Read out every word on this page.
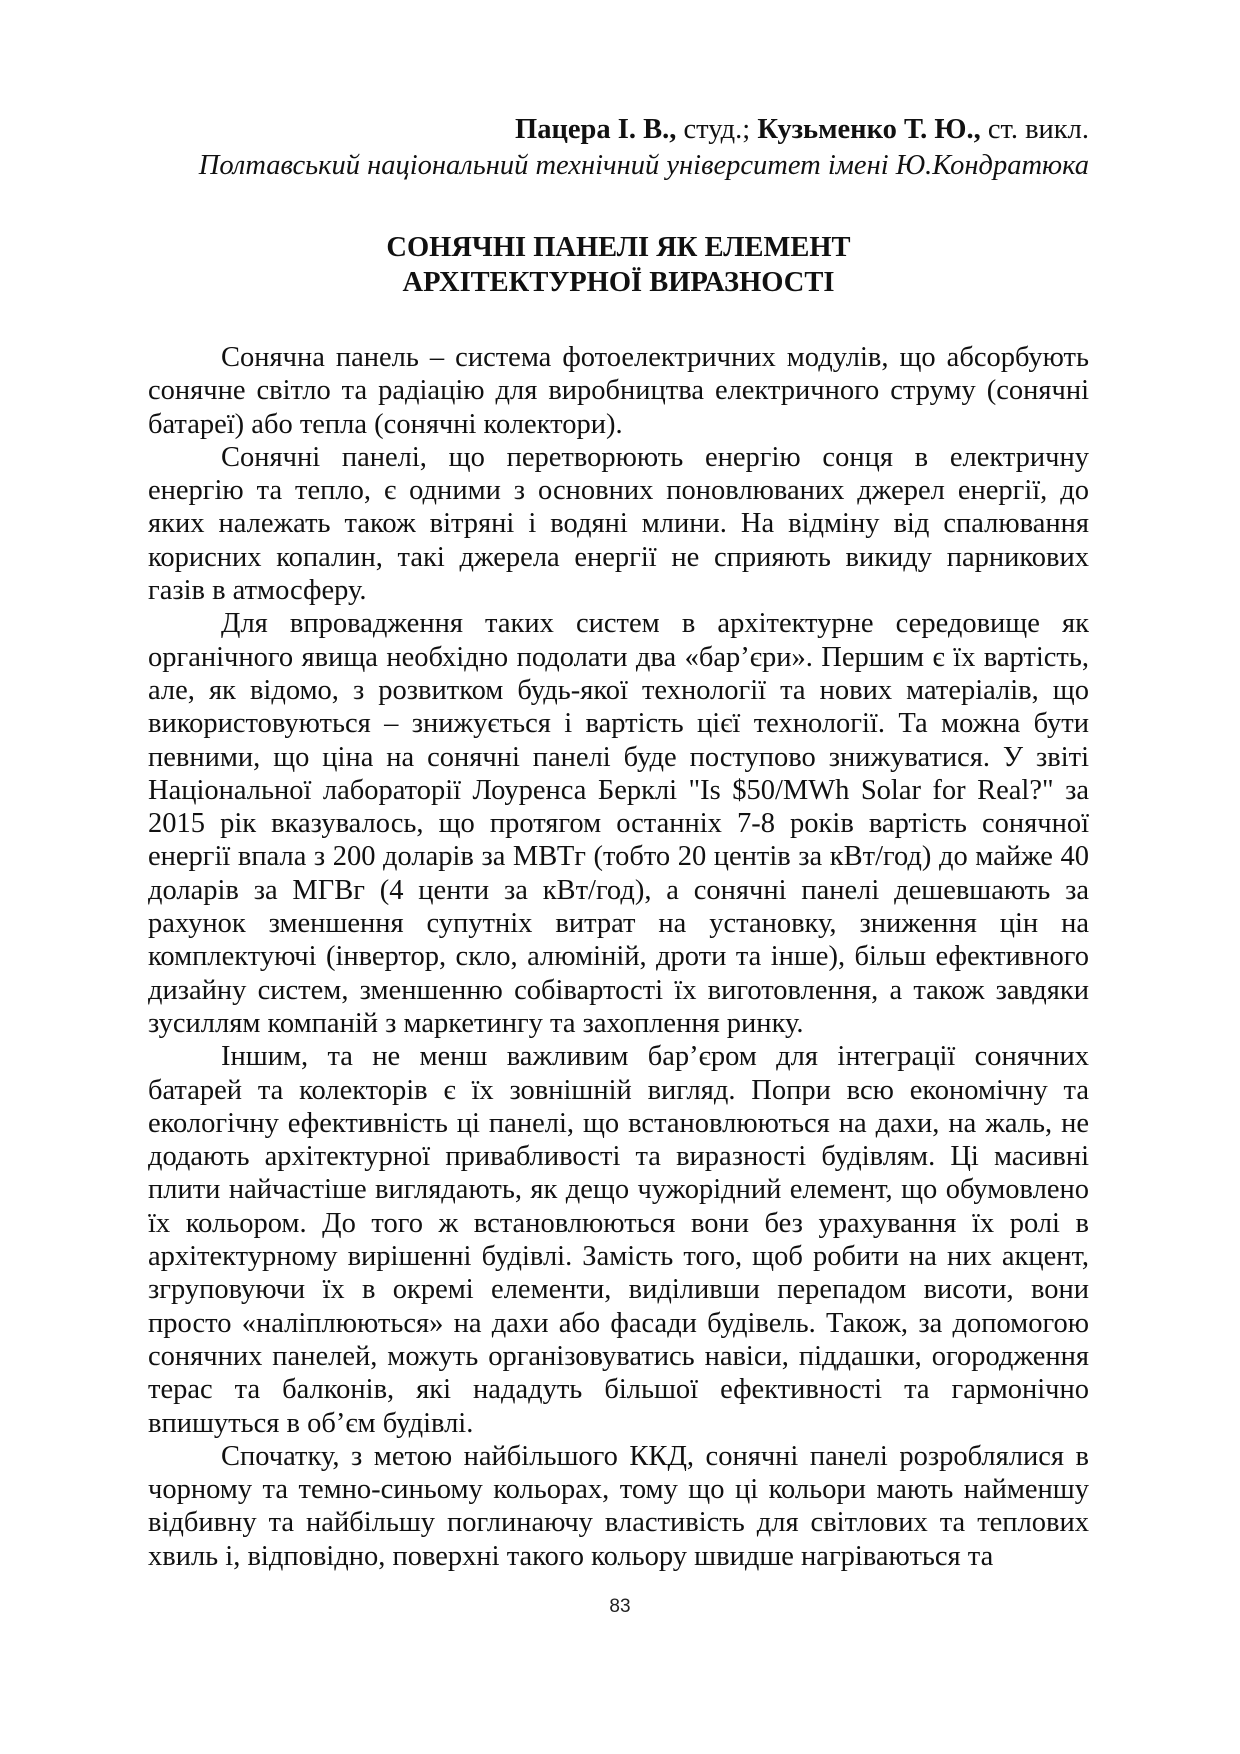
Пацера І. В., студ.; Кузьменко Т. Ю., ст. викл.

Полтавський національний технічний університет імені Ю.Кондратюка

СОНЯЧНІ ПАНЕЛІ ЯК ЕЛЕМЕНТ
АРХІТЕКТУРНОЇ ВИРАЗНОСТІ

Сонячна панель – система фотоелектричних модулів, що абсорбують сонячне світло та радіацію для виробництва електричного струму (сонячні батареї) або тепла (сонячні колектори).

Сонячні панелі, що перетворюють енергію сонця в електричну енергію та тепло, є одними з основних поновлюваних джерел енергії, до яких належать також вітряні і водяні млини. На відміну від спалювання корисних копалин, такі джерела енергії не сприяють викиду парникових газів в атмосферу.

Для впровадження таких систем в архітектурне середовище як органічного явища необхідно подолати два «бар’єри». Першим є їх вартість, але, як відомо, з розвитком будь-якої технології та нових матеріалів, що використовуються – знижується і вартість цієї технології. Та можна бути певними, що ціна на сонячні панелі буде поступово знижуватися. У звіті Національної лабораторії Лоуренса Берклі "Is $50/MWh Solar for Real?" за 2015 рік вказувалось, що протягом останніх 7-8 років вартість сонячної енергії впала з 200 доларів за МВТг (тобто 20 центів за кВт/год) до майже 40 доларів за МГВг (4 центи за кВт/год), а сонячні панелі дешевшають за рахунок зменшення супутніх витрат на установку, зниження цін на комплектуючі (інвертор, скло, алюміній, дроти та інше), більш ефективного дизайну систем, зменшенню собівартості їх виготовлення, а також завдяки зусиллям компаній з маркетингу та захоплення ринку.

Іншим, та не менш важливим бар’єром для інтеграції сонячних батарей та колекторів є їх зовнішній вигляд. Попри всю економічну та екологічну ефективність ці панелі, що встановлюються на дахи, на жаль, не додають архітектурної привабливості та виразності будівлям. Ці масивні плити найчастіше виглядають, як дещо чужорідний елемент, що обумовлено їх кольором. До того ж встановлюються вони без урахування їх ролі в архітектурному вирішенні будівлі. Замість того, щоб робити на них акцент, згруповуючи їх в окремі елементи, виділивши перепадом висоти, вони просто «наліплюються» на дахи або фасади будівель. Також, за допомогою сонячних панелей, можуть організовуватись навіси, піддашки, огородження терас та балконів, які нададуть більшої ефективності та гармонічно впишуться в об’єм будівлі.

Спочатку, з метою найбільшого ККД, сонячні панелі розроблялися в чорному та темно-синьому кольорах, тому що ці кольори мають найменшу відбивну та найбільшу поглинаючу властивість для світлових та теплових хвиль і, відповідно, поверхні такого кольору швидше нагріваються та

83
